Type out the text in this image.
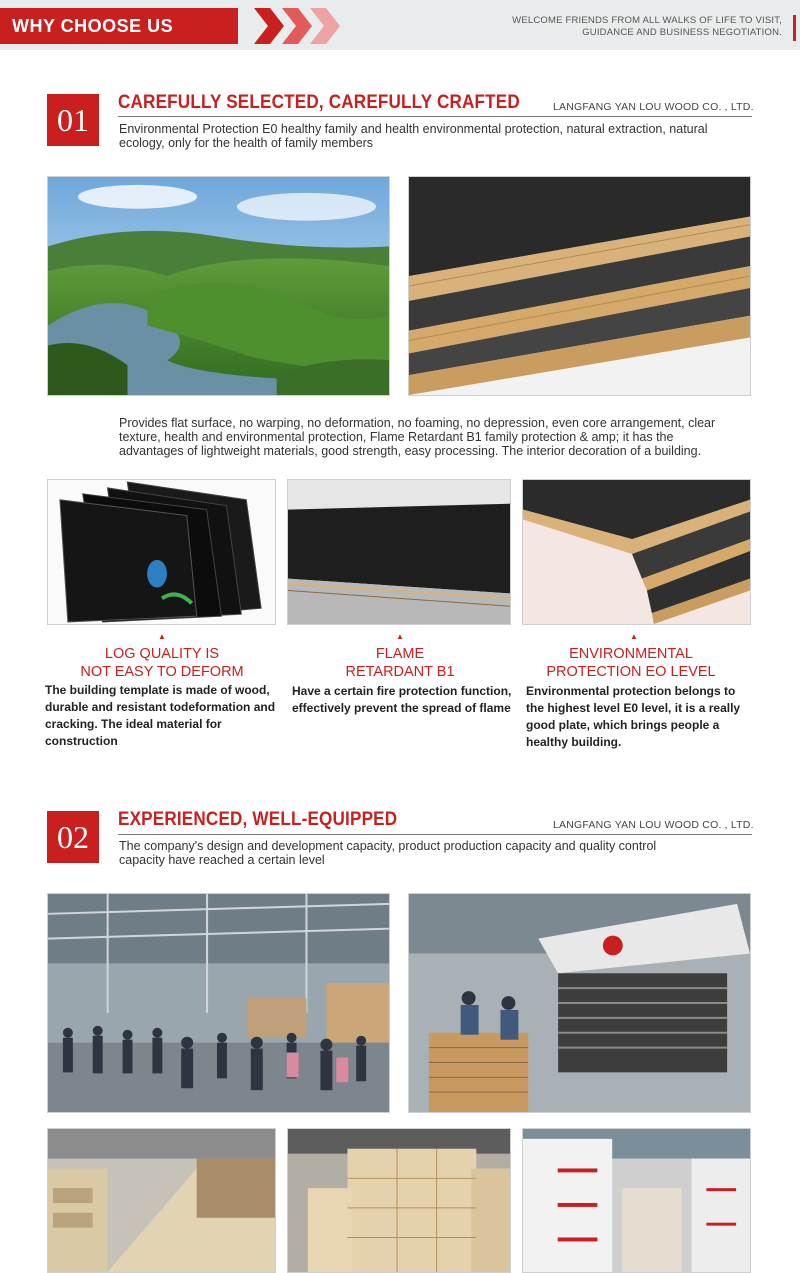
WHY CHOOSE US	WELCOME FRIENDS FROM ALL WALKS OF LIFE TO VISIT,
GUIDANCE AND BUSINESS NEGOTIATION.
01	CAREFULLY SELECTED, CAREFULLY CRAFTED	LANGFANG YAN LOU WOOD CO. , LTD.
Environmental Protection E0 healthy family and health environmental protection, natural extraction, natural ecology, only for the health of family members
Provides flat surface, no warping, no deformation, no foaming, no depression, even core arrangement, clear texture, health and environmental protection, Flame Retardant B1 family protection & amp; it has the advantages of lightweight materials, good strength, easy processing. The interior decoration of a building.
▲
LOG QUALITY IS
NOT EASY TO DEFORM
The building template is made of wood, durable and resistant todeformation and cracking. The ideal material for construction
▲
FLAME
RETARDANT B1
Have a certain fire protection function, effectively prevent the spread of flame
▲
ENVIRONMENTAL
PROTECTION EO LEVEL
Environmental protection belongs to the highest level E0 level, it is a really good plate, which brings people a healthy building.
02	EXPERIENCED, WELL-EQUIPPED	LANGFANG YAN LOU WOOD CO. , LTD.
The company's design and development capacity, product production capacity and quality control capacity have reached a certain level
